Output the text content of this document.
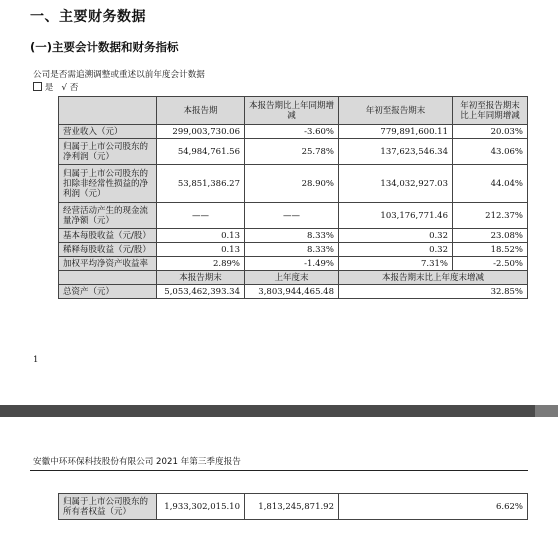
一、主要财务数据
(一)主要会计数据和财务指标
公司是否需追溯调整或重述以前年度会计数据
是 √ 否
	本报告期	本报告期比上年同期增减	年初至报告期末	年初至报告期末比上年同期增减
营业收入（元）	299,003,730.06	-3.60%	779,891,600.11	20.03%
归属于上市公司股东的净利润（元）	54,984,761.56	25.78%	137,623,546.34	43.06%
归属于上市公司股东的扣除非经常性损益的净利润（元）	53,851,386.27	28.90%	134,032,927.03	44.04%
经营活动产生的现金流量净额（元）	——	——	103,176,771.46	212.37%
基本每股收益（元/股）	0.13	8.33%	0.32	23.08%
稀释每股收益（元/股）	0.13	8.33%	0.32	18.52%
加权平均净资产收益率	2.89%	-1.49%	7.31%	-2.50%
	本报告期末	上年度末	本报告期末比上年度末增减	
总资产（元）	5,053,462,393.34	3,803,944,465.48	32.85%	
1
安徽中环环保科技股份有限公司 2021 年第三季度报告
归属于上市公司股东的所有者权益（元）	1,933,302,015.10	1,813,245,871.92	6.62%
